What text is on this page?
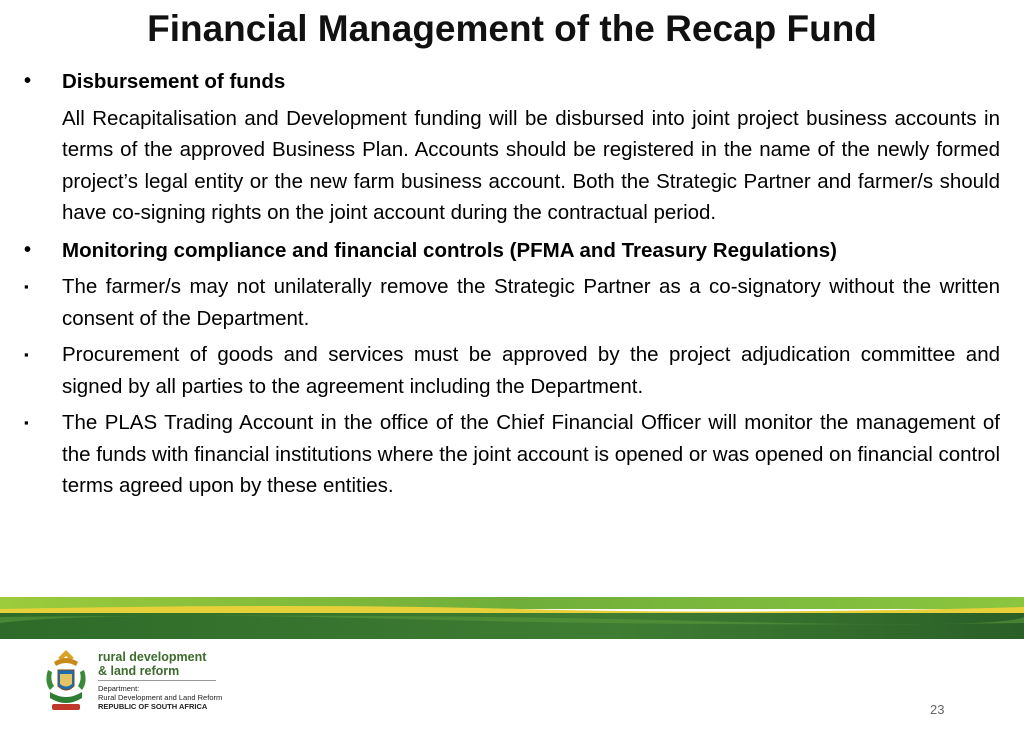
Financial Management of the Recap Fund
•	Disbursement of funds
All Recapitalisation and Development funding will be disbursed into joint project business accounts in terms of the approved Business Plan. Accounts should be registered in the name of the newly formed project’s legal entity or the new farm business account. Both the Strategic Partner and farmer/s should have co-signing rights on the joint account during the contractual period.
•	Monitoring compliance and financial controls (PFMA and Treasury Regulations)
▪	The farmer/s may not unilaterally remove the Strategic Partner as a co-signatory without the written consent of the Department.
▪	Procurement of goods and services must be approved by the project adjudication committee and signed by all parties to the agreement including the Department.
▪	The PLAS Trading Account in the office of the Chief Financial Officer will monitor the management of the funds with financial institutions where the joint account is opened or was opened on financial control terms agreed upon by these entities.
rural development
& land reform
Department:
Rural Development and Land Reform
REPUBLIC OF SOUTH AFRICA	23
